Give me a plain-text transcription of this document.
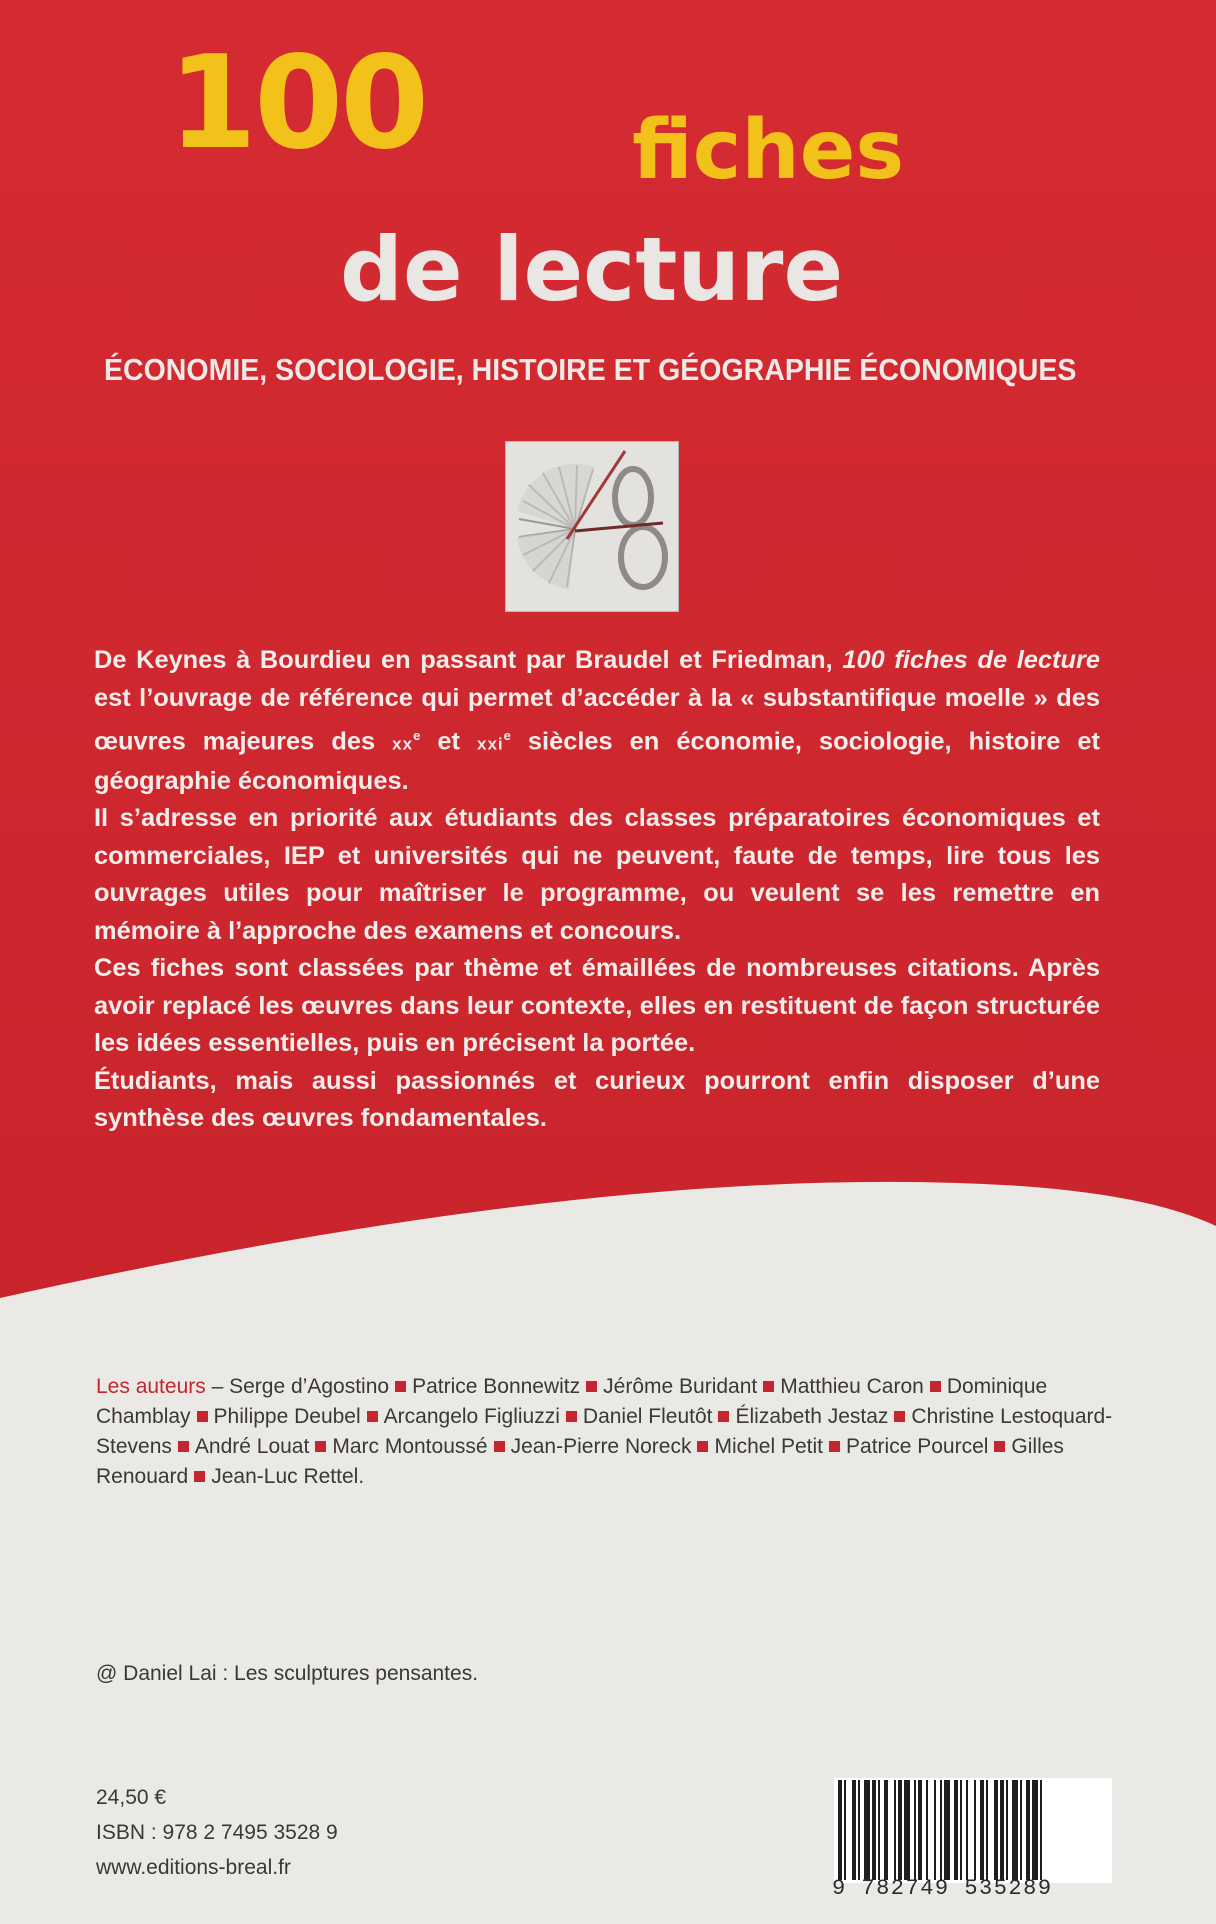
100	fiches
de lecture
ÉCONOMIE, SOCIOLOGIE, HISTOIRE ET GÉOGRAPHIE ÉCONOMIQUES

De Keynes à Bourdieu en passant par Braudel et Friedman, 100 fiches de lecture est l’ouvrage de référence qui permet d’accéder à la « substantifique moelle » des œuvres majeures des $xx^e$ et xxi$^e$ siècles en économie, sociologie, histoire et géographie économiques.

Il s’adresse en priorité aux étudiants des classes préparatoires économiques et commerciales, IEP et universités qui ne peuvent, faute de temps, lire tous les ouvrages utiles pour maîtriser le programme, ou veulent se les remettre en mémoire à l’approche des examens et concours.

Ces fiches sont classées par thème et émaillées de nombreuses citations. Après avoir replacé les œuvres dans leur contexte, elles en restituent de façon structurée les idées essentielles, puis en précisent la portée.

Étudiants, mais aussi passionnés et curieux pourront enfin disposer d’une synthèse des œuvres fondamentales.

Les auteurs – Serge d’Agostino Patrice Bonnewitz Jérôme Buridant Matthieu Caron Dominique Chamblay Philippe Deubel Arcangelo Figliuzzi Daniel Fleutôt Élizabeth Jestaz Christine Lestoquard-Stevens André Louat Marc Montoussé Jean-Pierre Noreck Michel Petit Patrice Pourcel Gilles Renouard Jean-Luc Rettel.
@ Daniel Lai : Les sculptures pensantes.
24,50 €
ISBN : 978 2 7495 3528 9
www.editions-breal.fr
9 782749 535289
